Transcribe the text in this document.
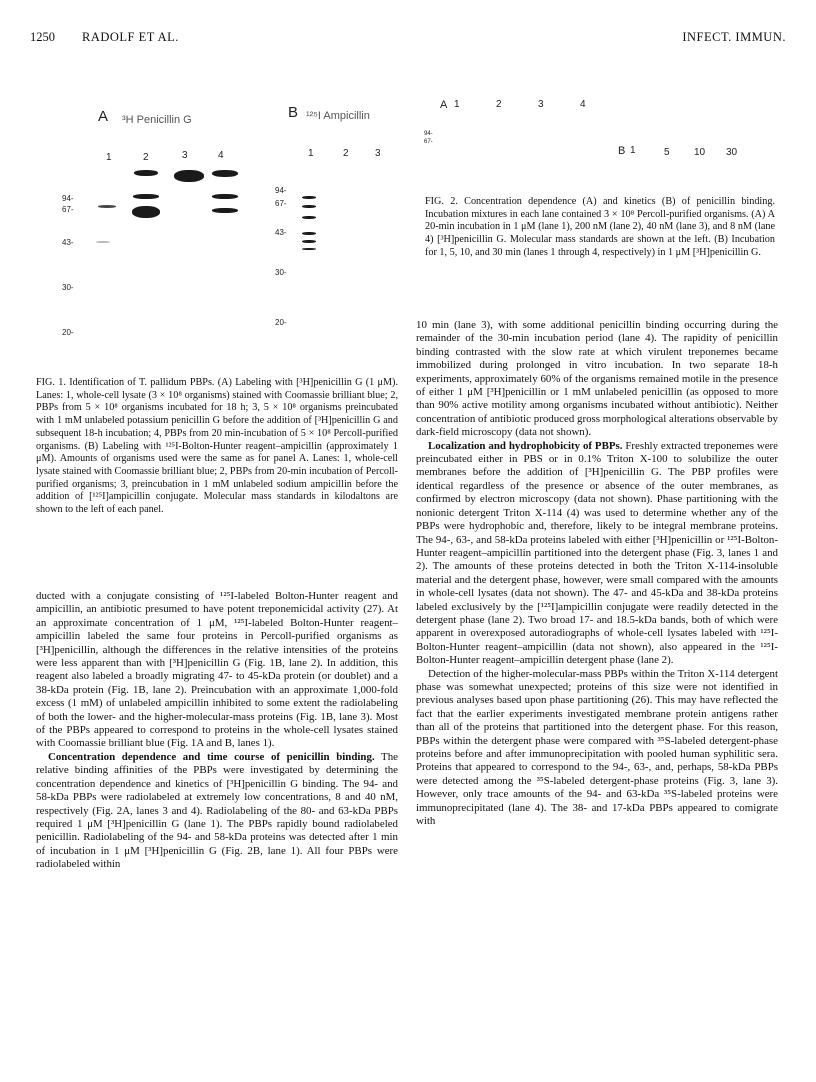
1250 RADOLF ET AL.	INFECT. IMMUN.
A ³H Penicillin G
1	2	3	4
94-
67-
43-
30-
20-
B ¹²⁵I Ampicillin
1	2	3
94-
67-
43-
30-
20-
A 1	2	3	4
94-
67-
B 1	5 10 30

FIG. 2. Concentration dependence (A) and kinetics (B) of penicillin binding. Incubation mixtures in each lane contained 3 × 10⁸ Percoll-purified organisms. (A) A 20-min incubation in 1 μM (lane 1), 200 nM (lane 2), 40 nM (lane 3), and 8 nM (lane 4) [³H]penicillin G. Molecular mass standards are shown at the left. (B) Incubation for 1, 5, 10, and 30 min (lanes 1 through 4, respectively) in 1 μM [³H]penicillin G.

FIG. 1. Identification of T. pallidum PBPs. (A) Labeling with [³H]penicillin G (1 μM). Lanes: 1, whole-cell lysate (3 × 10⁸ organisms) stained with Coomassie brilliant blue; 2, PBPs from 5 × 10⁸ organisms incubated for 18 h; 3, 5 × 10⁸ organisms preincubated with 1 mM unlabeled potassium penicillin G before the addition of [³H]penicillin G and subsequent 18-h incubation; 4, PBPs from 20 min-incubation of 5 × 10⁸ Percoll-purified organisms. (B) Labeling with ¹²⁵I-Bolton-Hunter reagent–ampicillin (approximately 1 μM). Amounts of organisms used were the same as for panel A. Lanes: 1, whole-cell lysate stained with Coomassie brilliant blue; 2, PBPs from 20-min incubation of Percoll-purified organisms; 3, preincubation in 1 mM unlabeled sodium ampicillin before the addition of [¹²⁵I]ampicillin conjugate. Molecular mass standards in kilodaltons are shown to the left of each panel.

ducted with a conjugate consisting of ¹²⁵I-labeled Bolton-Hunter reagent and ampicillin, an antibiotic presumed to have potent treponemicidal activity (27). At an approximate concentration of 1 μM, ¹²⁵I-labeled Bolton-Hunter reagent–ampicillin labeled the same four proteins in Percoll-purified organisms as [³H]penicillin, although the differences in the relative intensities of the proteins were less apparent than with [³H]penicillin G (Fig. 1B, lane 2). In addition, this reagent also labeled a broadly migrating 47- to 45-kDa protein (or doublet) and a 38-kDa protein (Fig. 1B, lane 2). Preincubation with an approximate 1,000-fold excess (1 mM) of unlabeled ampicillin inhibited to some extent the radiolabeling of both the lower- and the higher-molecular-mass proteins (Fig. 1B, lane 3). Most of the PBPs appeared to correspond to proteins in the whole-cell lysates stained with Coomassie brilliant blue (Fig. 1A and B, lanes 1).

Concentration dependence and time course of penicillin binding. The relative binding affinities of the PBPs were investigated by determining the concentration dependence and kinetics of [³H]penicillin G binding. The 94- and 58-kDa PBPs were radiolabeled at extremely low concentrations, 8 and 40 nM, respectively (Fig. 2A, lanes 3 and 4). Radiolabeling of the 80- and 63-kDa PBPs required 1 μM [³H]penicillin G (lane 1). The PBPs rapidly bound radiolabeled penicillin. Radiolabeling of the 94- and 58-kDa proteins was detected after 1 min of incubation in 1 μM [³H]penicillin G (Fig. 2B, lane 1). All four PBPs were radiolabeled within

10 min (lane 3), with some additional penicillin binding occurring during the remainder of the 30-min incubation period (lane 4). The rapidity of penicillin binding contrasted with the slow rate at which virulent treponemes became immobilized during prolonged in vitro incubation. In two separate 18-h experiments, approximately 60% of the organisms remained motile in the presence of either 1 μM [³H]penicillin or 1 mM unlabeled penicillin (as opposed to more than 90% active motility among organisms incubated without antibiotic). Neither concentration of antibiotic produced gross morphological alterations observable by dark-field microscopy (data not shown).

Localization and hydrophobicity of PBPs. Freshly extracted treponemes were preincubated either in PBS or in 0.1% Triton X-100 to solubilize the outer membranes before the addition of [³H]penicillin G. The PBP profiles were identical regardless of the presence or absence of the outer membranes, as confirmed by electron microscopy (data not shown). Phase partitioning with the nonionic detergent Triton X-114 (4) was used to determine whether any of the PBPs were hydrophobic and, therefore, likely to be integral membrane proteins. The 94-, 63-, and 58-kDa proteins labeled with either [³H]penicillin or ¹²⁵I-Bolton-Hunter reagent–ampicillin partitioned into the detergent phase (Fig. 3, lanes 1 and 2). The amounts of these proteins detected in both the Triton X-114-insoluble material and the detergent phase, however, were small compared with the amounts in whole-cell lysates (data not shown). The 47- and 45-kDa and 38-kDa proteins labeled exclusively by the [¹²⁵I]ampicillin conjugate were readily detected in the detergent phase (lane 2). Two broad 17- and 18.5-kDa bands, both of which were apparent in overexposed autoradiographs of whole-cell lysates labeled with ¹²⁵I-Bolton-Hunter reagent–ampicillin (data not shown), also appeared in the ¹²⁵I-Bolton-Hunter reagent–ampicillin detergent phase (lane 2).

Detection of the higher-molecular-mass PBPs within the Triton X-114 detergent phase was somewhat unexpected; proteins of this size were not identified in previous analyses based upon phase partitioning (26). This may have reflected the fact that the earlier experiments investigated membrane protein antigens rather than all of the proteins that partitioned into the detergent phase. For this reason, PBPs within the detergent phase were compared with ³⁵S-labeled detergent-phase proteins before and after immunoprecipitation with pooled human syphilitic sera. Proteins that appeared to correspond to the 94-, 63-, and, perhaps, 58-kDa PBPs were detected among the ³⁵S-labeled detergent-phase proteins (Fig. 3, lane 3). However, only trace amounts of the 94- and 63-kDa ³⁵S-labeled proteins were immunoprecipitated (lane 4). The 38- and 17-kDa PBPs appeared to comigrate with
